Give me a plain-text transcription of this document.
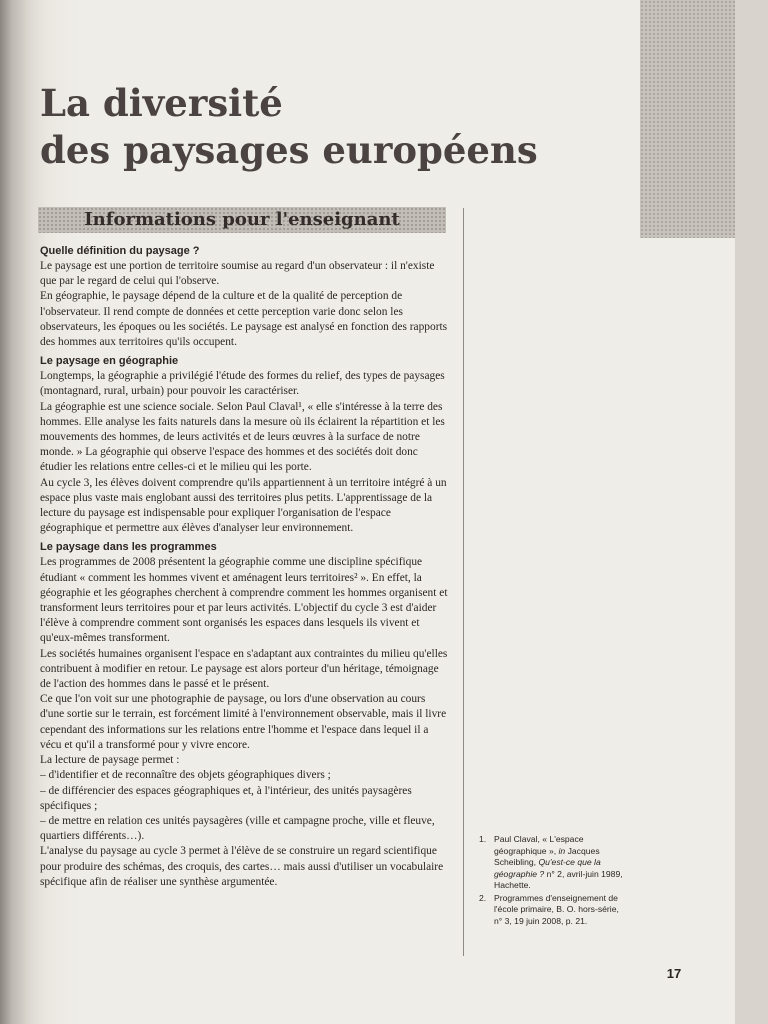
La diversité
des paysages européens
Informations pour l'enseignant
Quelle définition du paysage ?

Le paysage est une portion de territoire soumise au regard d'un observateur : il n'existe que par le regard de celui qui l'observe.

En géographie, le paysage dépend de la culture et de la qualité de perception de l'observateur. Il rend compte de données et cette perception varie donc selon les observateurs, les époques ou les sociétés. Le paysage est analysé en fonction des rapports des hommes aux territoires qu'ils occupent.

Le paysage en géographie

Longtemps, la géographie a privilégié l'étude des formes du relief, des types de paysages (montagnard, rural, urbain) pour pouvoir les caractériser.

La géographie est une science sociale. Selon Paul Claval¹, « elle s'intéresse à la terre des hommes. Elle analyse les faits naturels dans la mesure où ils éclairent la répartition et les mouvements des hommes, de leurs activités et de leurs œuvres à la surface de notre monde. » La géographie qui observe l'espace des hommes et des sociétés doit donc étudier les relations entre celles-ci et le milieu qui les porte.

Au cycle 3, les élèves doivent comprendre qu'ils appartiennent à un territoire intégré à un espace plus vaste mais englobant aussi des territoires plus petits. L'apprentissage de la lecture du paysage est indispensable pour expliquer l'organisation de l'espace géographique et permettre aux élèves d'analyser leur environnement.

Le paysage dans les programmes

Les programmes de 2008 présentent la géographie comme une discipline spécifique étudiant « comment les hommes vivent et aménagent leurs territoires² ». En effet, la géographie et les géographes cherchent à comprendre comment les hommes organisent et transforment leurs territoires pour et par leurs activités. L'objectif du cycle 3 est d'aider l'élève à comprendre comment sont organisés les espaces dans lesquels ils vivent et qu'eux-mêmes transforment.

Les sociétés humaines organisent l'espace en s'adaptant aux contraintes du milieu qu'elles contribuent à modifier en retour. Le paysage est alors porteur d'un héritage, témoignage de l'action des hommes dans le passé et le présent.

Ce que l'on voit sur une photographie de paysage, ou lors d'une observation au cours d'une sortie sur le terrain, est forcément limité à l'environnement observable, mais il livre cependant des informations sur les relations entre l'homme et l'espace dans lequel il a vécu et qu'il a transformé pour y vivre encore.

La lecture de paysage permet :

– d'identifier et de reconnaître des objets géographiques divers ;

– de différencier des espaces géographiques et, à l'intérieur, des unités paysagères spécifiques ;

– de mettre en relation ces unités paysagères (ville et campagne proche, ville et fleuve, quartiers différents…).

L'analyse du paysage au cycle 3 permet à l'élève de se construire un regard scientifique pour produire des schémas, des croquis, des cartes… mais aussi d'utiliser un vocabulaire spécifique afin de réaliser une synthèse argumentée.

1. Paul Claval, « L'espace géographique », in Jacques Scheibling, Qu'est-ce que la géographie ? n° 2, avril-juin 1989, Hachette.
2. Programmes d'enseignement de l'école primaire, B. O. hors-série, n° 3, 19 juin 2008, p. 21.
17
